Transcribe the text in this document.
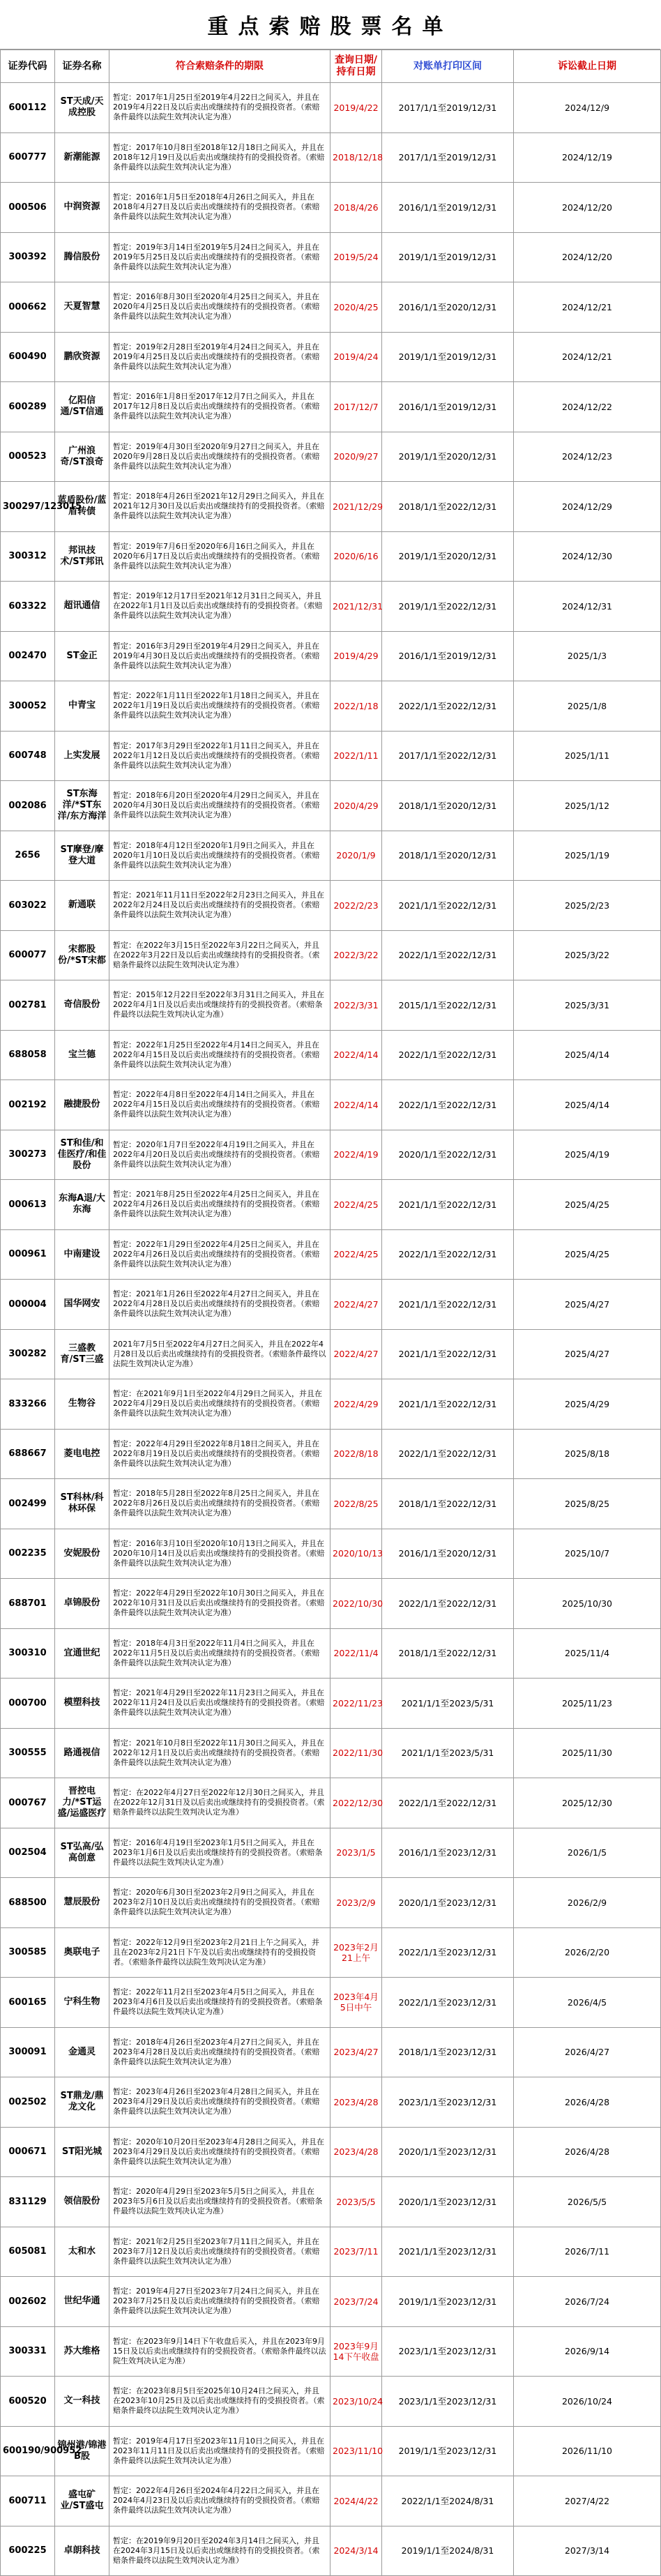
重点索赔股票名单
证券代码	证券名称	符合索赔条件的期限	查询日期/持有日期	对账单打印区间	诉讼截止日期
600112	ST天成/天成控股	暂定：2017年1月25日至2019年4月22日之间买入，并且在2019年4月22日及以后卖出或继续持有的受损投资者。（索赔条件最终以法院生效判决认定为准）	2019/4/22	2017/1/1至2019/12/31	2024/12/9
600777	新潮能源	暂定：2017年10月8日至2018年12月18日之间买入，并且在2018年12月19日及以后卖出或继续持有的受损投资者。（索赔条件最终以法院生效判决认定为准）	2018/12/18	2017/1/1至2019/12/31	2024/12/19
000506	中润资源	暂定：2016年1月5日至2018年4月26日之间买入，并且在2018年4月27日及以后卖出或继续持有的受损投资者。（索赔条件最终以法院生效判决认定为准）	2018/4/26	2016/1/1至2019/12/31	2024/12/20
300392	腾信股份	暂定：2019年3月14日至2019年5月24日之间买入，并且在2019年5月25日及以后卖出或继续持有的受损投资者。（索赔条件最终以法院生效判决认定为准）	2019/5/24	2019/1/1至2019/12/31	2024/12/20
000662	天夏智慧	暂定：2016年8月30日至2020年4月25日之间买入，并且在2020年4月25日及以后卖出或继续持有的受损投资者。（索赔条件最终以法院生效判决认定为准）	2020/4/25	2016/1/1至2020/12/31	2024/12/21
600490	鹏欣资源	暂定：2019年2月28日至2019年4月24日之间买入，并且在2019年4月25日及以后卖出或继续持有的受损投资者。（索赔条件最终以法院生效判决认定为准）	2019/4/24	2019/1/1至2019/12/31	2024/12/21
600289	亿阳信通/ST信通	暂定：2016年1月8日至2017年12月7日之间买入，并且在2017年12月8日及以后卖出或继续持有的受损投资者。（索赔条件最终以法院生效判决认定为准）	2017/12/7	2016/1/1至2019/12/31	2024/12/22
000523	广州浪奇/ST浪奇	暂定：2019年4月30日至2020年9月27日之间买入，并且在2020年9月28日及以后卖出或继续持有的受损投资者。（索赔条件最终以法院生效判决认定为准）	2020/9/27	2019/1/1至2020/12/31	2024/12/23
300297/123015	蓝盾股份/蓝盾转债	暂定：2018年4月26日至2021年12月29日之间买入，并且在2021年12月30日及以后卖出或继续持有的受损投资者。（索赔条件最终以法院生效判决认定为准）	2021/12/29	2018/1/1至2022/12/31	2024/12/29
300312	邦讯技术/ST邦讯	暂定：2019年7月6日至2020年6月16日之间买入，并且在2020年6月17日及以后卖出或继续持有的受损投资者。（索赔条件最终以法院生效判决认定为准）	2020/6/16	2019/1/1至2020/12/31	2024/12/30
603322	超讯通信	暂定：2019年12月17日至2021年12月31日之间买入，并且在2022年1月1日及以后卖出或继续持有的受损投资者。（索赔条件最终以法院生效判决认定为准）	2021/12/31	2019/1/1至2022/12/31	2024/12/31
002470	ST金正	暂定：2016年3月29日至2019年4月29日之间买入，并且在2019年4月30日及以后卖出或继续持有的受损投资者。（索赔条件最终以法院生效判决认定为准）	2019/4/29	2016/1/1至2019/12/31	2025/1/3
300052	中青宝	暂定：2022年1月11日至2022年1月18日之间买入，并且在2022年1月19日及以后卖出或继续持有的受损投资者。（索赔条件最终以法院生效判决认定为准）	2022/1/18	2022/1/1至2022/12/31	2025/1/8
600748	上实发展	暂定：2017年3月29日至2022年1月11日之间买入，并且在2022年1月12日及以后卖出或继续持有的受损投资者。（索赔条件最终以法院生效判决认定为准）	2022/1/11	2017/1/1至2022/12/31	2025/1/11
002086	ST东海洋/*ST东洋/东方海洋	暂定：2018年6月20日至2020年4月29日之间买入，并且在2020年4月30日及以后卖出或继续持有的受损投资者。（索赔条件最终以法院生效判决认定为准）	2020/4/29	2018/1/1至2020/12/31	2025/1/12
2656	ST摩登/摩登大道	暂定：2018年4月12日至2020年1月9日之间买入，并且在2020年1月10日及以后卖出或继续持有的受损投资者。（索赔条件最终以法院生效判决认定为准）	2020/1/9	2018/1/1至2020/12/31	2025/1/19
603022	新通联	暂定：2021年11月11日至2022年2月23日之间买入，并且在2022年2月24日及以后卖出或继续持有的受损投资者。（索赔条件最终以法院生效判决认定为准）	2022/2/23	2021/1/1至2022/12/31	2025/2/23
600077	宋都股份/*ST宋都	暂定：在2022年3月15日至2022年3月22日之间买入，并且在2022年3月22日及以后卖出或继续持有的受损投资者。（索赔条件最终以法院生效判决认定为准）	2022/3/22	2022/1/1至2022/12/31	2025/3/22
002781	奇信股份	暂定：2015年12月22日至2022年3月31日之间买入，并且在2022年4月1日及以后卖出或继续持有的受损投资者。（索赔条件最终以法院生效判决认定为准）	2022/3/31	2015/1/1至2022/12/31	2025/3/31
688058	宝兰德	暂定：2022年1月25日至2022年4月14日之间买入，并且在2022年4月15日及以后卖出或继续持有的受损投资者。（索赔条件最终以法院生效判决认定为准）	2022/4/14	2022/1/1至2022/12/31	2025/4/14
002192	融捷股份	暂定：2022年4月8日至2022年4月14日之间买入，并且在2022年4月15日及以后卖出或继续持有的受损投资者。（索赔条件最终以法院生效判决认定为准）	2022/4/14	2022/1/1至2022/12/31	2025/4/14
300273	ST和佳/和佳医疗/和佳股份	暂定：2020年1月7日至2022年4月19日之间买入，并且在2022年4月20日及以后卖出或继续持有的受损投资者。（索赔条件最终以法院生效判决认定为准）	2022/4/19	2020/1/1至2022/12/31	2025/4/19
000613	东海A退/大东海	暂定：2021年8月25日至2022年4月25日之间买入，并且在2022年4月26日及以后卖出或继续持有的受损投资者。（索赔条件最终以法院生效判决认定为准）	2022/4/25	2021/1/1至2022/12/31	2025/4/25
000961	中南建设	暂定：2022年1月29日至2022年4月25日之间买入，并且在2022年4月26日及以后卖出或继续持有的受损投资者。（索赔条件最终以法院生效判决认定为准）	2022/4/25	2022/1/1至2022/12/31	2025/4/25
000004	国华网安	暂定：2021年1月26日至2022年4月27日之间买入，并且在2022年4月28日及以后卖出或继续持有的受损投资者。（索赔条件最终以法院生效判决认定为准）	2022/4/27	2021/1/1至2022/12/31	2025/4/27
300282	三盛教育/ST三盛	2021年7月5日至2022年4月27日之间买入，并且在2022年4月28日及以后卖出或继续持有的受损投资者。（索赔条件最终以法院生效判决认定为准）	2022/4/27	2021/1/1至2022/12/31	2025/4/27
833266	生物谷	暂定：在2021年9月1日至2022年4月29日之间买入，并且在2022年4月29日及以后卖出或继续持有的受损投资者。（索赔条件最终以法院生效判决认定为准）	2022/4/29	2021/1/1至2022/12/31	2025/4/29
688667	菱电电控	暂定：2022年4月29日至2022年8月18日之间买入，并且在2022年8月19日及以后卖出或继续持有的受损投资者。（索赔条件最终以法院生效判决认定为准）	2022/8/18	2022/1/1至2022/12/31	2025/8/18
002499	ST科林/科林环保	暂定：2018年5月28日至2022年8月25日之间买入，并且在2022年8月26日及以后卖出或继续持有的受损投资者。（索赔条件最终以法院生效判决认定为准）	2022/8/25	2018/1/1至2022/12/31	2025/8/25
002235	安妮股份	暂定：2016年3月10日至2020年10月13日之间买入，并且在2020年10月14日及以后卖出或继续持有的受损投资者。（索赔条件最终以法院生效判决认定为准）	2020/10/13	2016/1/1至2020/12/31	2025/10/7
688701	卓锦股份	暂定：2022年4月29日至2022年10月30日之间买入，并且在2022年10月31日及以后卖出或继续持有的受损投资者。（索赔条件最终以法院生效判决认定为准）	2022/10/30	2022/1/1至2022/12/31	2025/10/30
300310	宜通世纪	暂定：2018年4月3日至2022年11月4日之间买入，并且在2022年11月5日及以后卖出或继续持有的受损投资者。（索赔条件最终以法院生效判决认定为准）	2022/11/4	2018/1/1至2022/12/31	2025/11/4
000700	模塑科技	暂定：2021年4月29日至2022年11月23日之间买入，并且在2022年11月24日及以后卖出或继续持有的受损投资者。（索赔条件最终以法院生效判决认定为准）	2022/11/23	2021/1/1至2023/5/31	2025/11/23
300555	路通视信	暂定：2021年10月8日至2022年11月30日之间买入，并且在2022年12月1日及以后卖出或继续持有的受损投资者。（索赔条件最终以法院生效判决认定为准）	2022/11/30	2021/1/1至2023/5/31	2025/11/30
000767	晋控电力/*ST运盛/运盛医疗	暂定：在2022年4月27日至2022年12月30日之间买入，并且在2022年12月31日及以后卖出或继续持有的受损投资者。（索赔条件最终以法院生效判决认定为准）	2022/12/30	2022/1/1至2022/12/31	2025/12/30
002504	ST弘高/弘高创意	暂定：2016年4月19日至2023年1月5日之间买入，并且在2023年1月6日及以后卖出或继续持有的受损投资者。（索赔条件最终以法院生效判决认定为准）	2023/1/5	2016/1/1至2023/12/31	2026/1/5
688500	慧辰股份	暂定：2020年6月30日至2023年2月9日之间买入，并且在2023年2月10日及以后卖出或继续持有的受损投资者。（索赔条件最终以法院生效判决认定为准）	2023/2/9	2020/1/1至2023/12/31	2026/2/9
300585	奥联电子	暂定：2022年12月9日至2023年2月21日上午之间买入，并且在2023年2月21日下午及以后卖出或继续持有的受损投资者。（索赔条件最终以法院生效判决认定为准）	2023年2月21上午	2022/1/1至2023/12/31	2026/2/20
600165	宁科生物	暂定：2022年11月2日至2023年4月5日之间买入，并且在2023年4月6日及以后卖出或继续持有的受损投资者。（索赔条件最终以法院生效判决认定为准）	2023年4月5日中午	2022/1/1至2023/12/31	2026/4/5
300091	金通灵	暂定：2018年4月26日至2023年4月27日之间买入，并且在2023年4月28日及以后卖出或继续持有的受损投资者。（索赔条件最终以法院生效判决认定为准）	2023/4/27	2018/1/1至2023/12/31	2026/4/27
002502	ST鼎龙/鼎龙文化	暂定：2023年4月26日至2023年4月28日之间买入，并且在2023年4月29日及以后卖出或继续持有的受损投资者。（索赔条件最终以法院生效判决认定为准）	2023/4/28	2023/1/1至2023/12/31	2026/4/28
000671	ST阳光城	暂定：2020年10月20日至2023年4月28日之间买入，并且在2023年4月29日及以后卖出或继续持有的受损投资者。（索赔条件最终以法院生效判决认定为准）	2023/4/28	2020/1/1至2023/12/31	2026/4/28
831129	领信股份	暂定：2020年4月29日至2023年5月5日之间买入，并且在2023年5月6日及以后卖出或继续持有的受损投资者。（索赔条件最终以法院生效判决认定为准）	2023/5/5	2020/1/1至2023/12/31	2026/5/5
605081	太和水	暂定：2021年2月25日至2023年7月11日之间买入，并且在2023年7月12日及以后卖出或继续持有的受损投资者。（索赔条件最终以法院生效判决认定为准）	2023/7/11	2021/1/1至2023/12/31	2026/7/11
002602	世纪华通	暂定：2019年4月27日至2023年7月24日之间买入，并且在2023年7月25日及以后卖出或继续持有的受损投资者。（索赔条件最终以法院生效判决认定为准）	2023/7/24	2019/1/1至2023/12/31	2026/7/24
300331	苏大维格	暂定：在2023年9月14日下午收盘后买入，并且在2023年9月15日及以后卖出或继续持有的受损投资者。（索赔条件最终以法院生效判决认定为准）	2023年9月14下午收盘	2023/1/1至2023/12/31	2026/9/14
600520	文一科技	暂定：在2023年8月5日至2025年10月24日之间买入，并且在2023年10月25日及以后卖出或继续持有的受损投资者。（索赔条件最终以法院生效判决认定为准）	2023/10/24	2023/1/1至2023/12/31	2026/10/24
600190/900952	锦州港/锦港B股	暂定：2019年4月17日至2023年11月10日之间买入，并且在2023年11月11日及以后卖出或继续持有的受损投资者。（索赔条件最终以法院生效判决认定为准）	2023/11/10	2019/1/1至2023/12/31	2026/11/10
600711	盛屯矿业/ST盛屯	暂定：2022年4月26日至2024年4月22日之间买入，并且在2024年4月23日及以后卖出或继续持有的受损投资者。（索赔条件最终以法院生效判决认定为准）	2024/4/22	2022/1/1至2024/8/31	2027/4/22
600225	卓朗科技	暂定：在2019年9月20日至2024年3月14日之间买入，并且在2024年3月15日及以后卖出或继续持有的受损投资者。（索赔条件最终以法院生效判决认定为准）	2024/3/14	2019/1/1至2024/8/31	2027/3/14
